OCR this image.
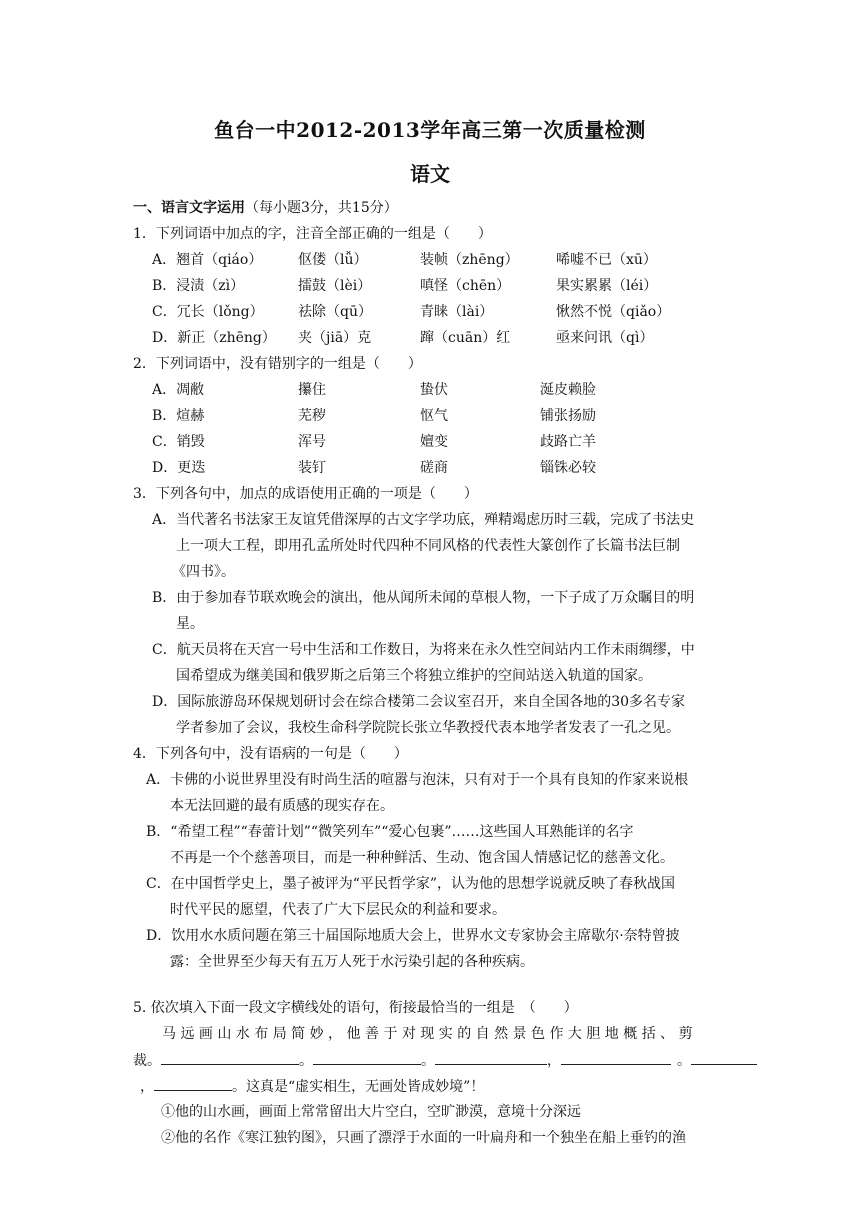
鱼台一中2012-2013学年高三第一次质量检测
语文
一、语言文字运用（每小题3分，共15分）
1．下列词语中加点的字，注音全部正确的一组是（　　）
A．翘首（qiáo）	伛偻（lǚ）	装帧（zhēng）	唏嘘不已（xū）
B．浸渍（zì）	擂鼓（lèi）	嗔怪（chēn）	果实累累（léi）
C．冗长（lǒng） 祛除（qū）	青睐（lài）	愀然不悦（qiǎo）
D．新正（zhēng） 夹（jiā）克	蹿（cuān）红	亟来问讯（qì）
2．下列词语中，没有错别字的一组是（　　）
A．凋敝	攥住	蛰伏	涎皮赖脸
B．煊赫	芜秽	怄气	铺张扬励
C．销毁	浑号	嬗变	歧路亡羊
D．更迭	装钉	磋商	锱铢必较
3．下列各句中，加点的成语使用正确的一项是（　　）
A．当代著名书法家王友谊凭借深厚的古文字学功底，殚精竭虑历时三载，完成了书法史
上一项大工程，即用孔孟所处时代四种不同风格的代表性大篆创作了长篇书法巨制
《四书》。
B．由于参加春节联欢晚会的演出，他从闻所未闻的草根人物，一下子成了万众瞩目的明
星。
C．航天员将在天宫一号中生活和工作数日，为将来在永久性空间站内工作未雨绸缪，中
国希望成为继美国和俄罗斯之后第三个将独立维护的空间站送入轨道的国家。
D．国际旅游岛环保规划研讨会在综合楼第二会议室召开，来自全国各地的30多名专家
学者参加了会议，我校生命科学院院长张立华教授代表本地学者发表了一孔之见。
4．下列各句中，没有语病的一句是（　　）
A．卡佛的小说世界里没有时尚生活的喧嚣与泡沫，只有对于一个具有良知的作家来说根
本无法回避的最有质感的现实存在。
B．“希望工程”“春蕾计划”“微笑列车”“爱心包裹”……这些国人耳熟能详的名字
不再是一个个慈善项目，而是一种种鲜活、生动、饱含国人情感记忆的慈善文化。
C．在中国哲学史上，墨子被评为“平民哲学家”，认为他的思想学说就反映了春秋战国
时代平民的愿望，代表了广大下层民众的利益和要求。
D．饮用水水质问题在第三十届国际地质大会上，世界水文专家协会主席歇尔·奈特曾披
露：全世界至少每天有五万人死于水污染引起的各种疾病。
5. 依次填入下面一段文字横线处的语句，衔接最恰当的一组是　（　　）
马 远 画 山 水 布 局 简 妙 ， 他 善 于 对 现 实 的 自 然 景 色 作 大 胆 地 概 括 、 剪
裁。	。	。	，	。
，	。这真是“虚实相生，无画处皆成妙境”！
①他的山水画，画面上常常留出大片空白，空旷渺漠，意境十分深远
②他的名作《寒江独钓图》，只画了漂浮于水面的一叶扁舟和一个独坐在船上垂钓的渔
